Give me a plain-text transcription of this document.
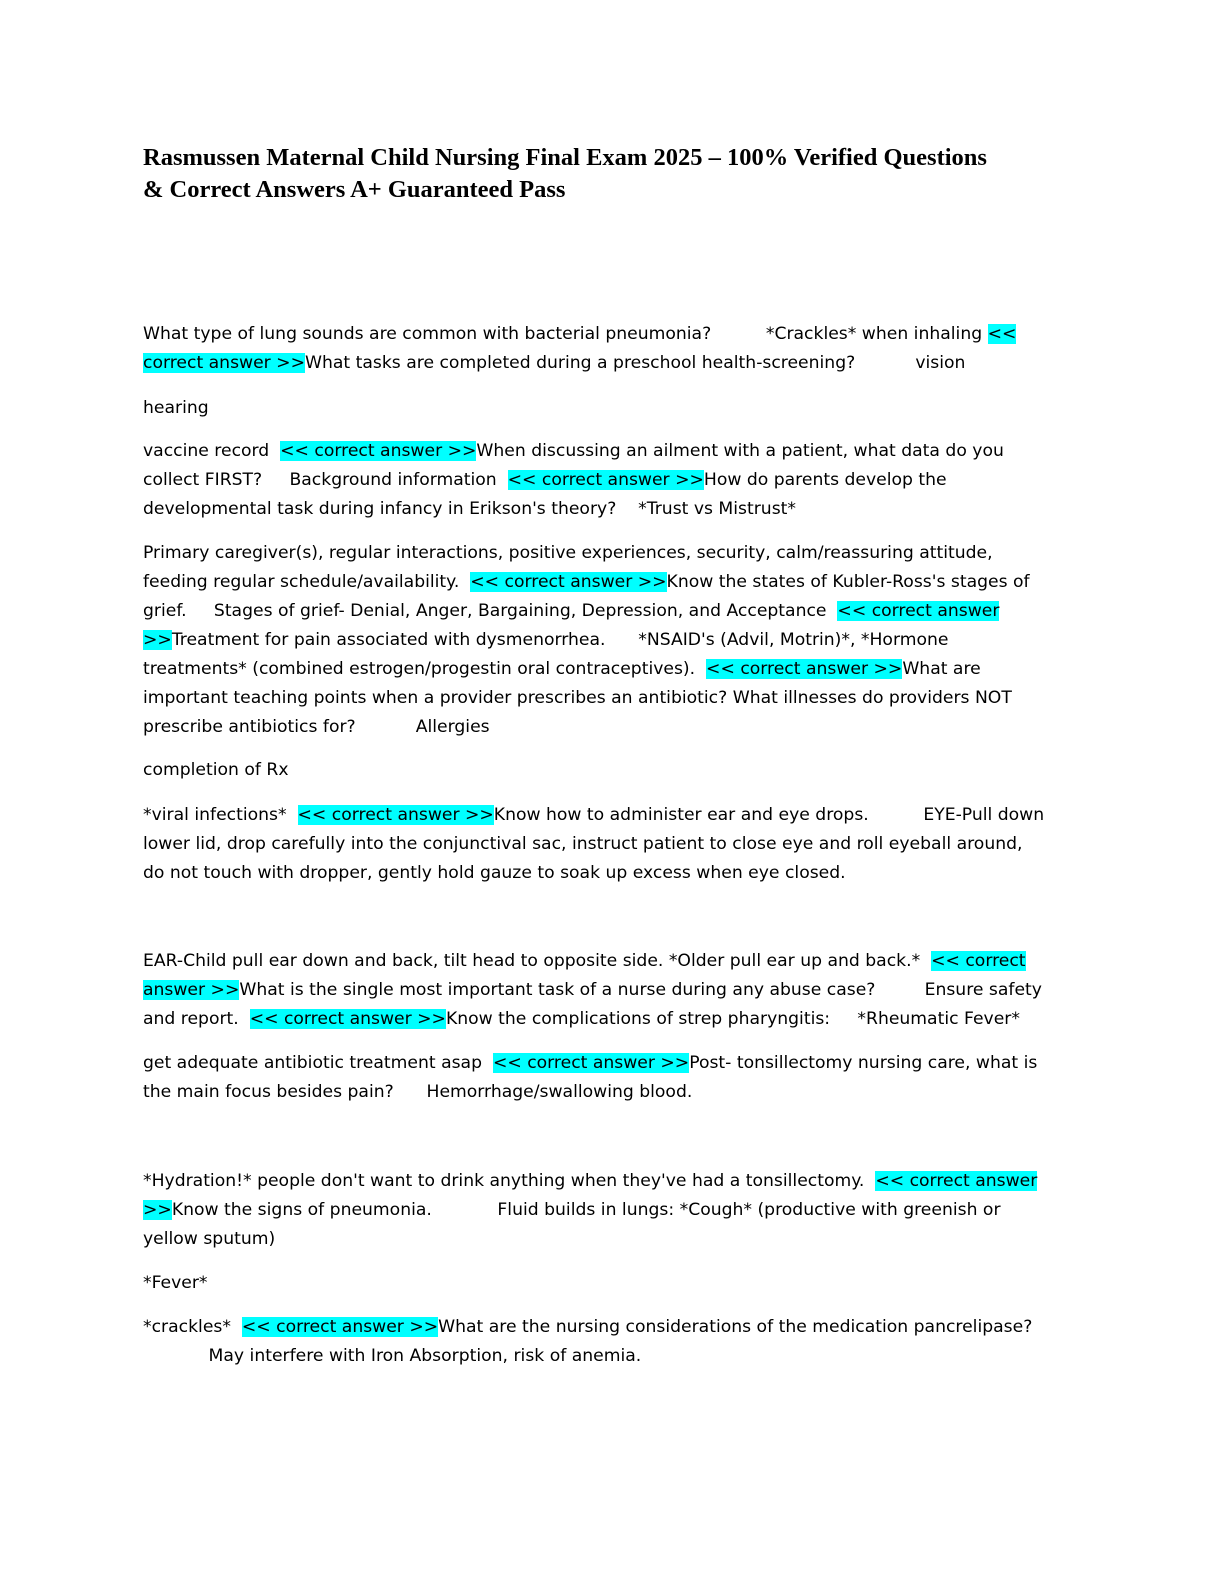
Rasmussen Maternal Child Nursing Final Exam 2025 – 100% Verified Questions
& Correct Answers A+ Guaranteed Pass
What type of lung sounds are common with bacterial pneumonia?          *Crackles* when inhaling <<
correct answer >>What tasks are completed during a preschool health-screening?           vision
hearing
vaccine record  << correct answer >>When discussing an ailment with a patient, what data do you
collect FIRST?     Background information  << correct answer >>How do parents develop the
developmental task during infancy in Erikson's theory?    *Trust vs Mistrust*
Primary caregiver(s), regular interactions, positive experiences, security, calm/reassuring attitude,
feeding regular schedule/availability.  << correct answer >>Know the states of Kubler-Ross's stages of
grief.     Stages of grief- Denial, Anger, Bargaining, Depression, and Acceptance  << correct answer
>>Treatment for pain associated with dysmenorrhea.      *NSAID's (Advil, Motrin)*, *Hormone
treatments* (combined estrogen/progestin oral contraceptives).  << correct answer >>What are
important teaching points when a provider prescribes an antibiotic? What illnesses do providers NOT
prescribe antibiotics for?           Allergies
completion of Rx
*viral infections*  << correct answer >>Know how to administer ear and eye drops.          EYE-Pull down
lower lid, drop carefully into the conjunctival sac, instruct patient to close eye and roll eyeball around,
do not touch with dropper, gently hold gauze to soak up excess when eye closed.
EAR-Child pull ear down and back, tilt head to opposite side. *Older pull ear up and back.*  << correct
answer >>What is the single most important task of a nurse during any abuse case?         Ensure safety
and report.  << correct answer >>Know the complications of strep pharyngitis:     *Rheumatic Fever*
get adequate antibiotic treatment asap  << correct answer >>Post- tonsillectomy nursing care, what is
the main focus besides pain?      Hemorrhage/swallowing blood.
*Hydration!* people don't want to drink anything when they've had a tonsillectomy.  << correct answer
>>Know the signs of pneumonia.            Fluid builds in lungs: *Cough* (productive with greenish or
yellow sputum)
*Fever*
*crackles*  << correct answer >>What are the nursing considerations of the medication pancrelipase?
May interfere with Iron Absorption, risk of anemia.
